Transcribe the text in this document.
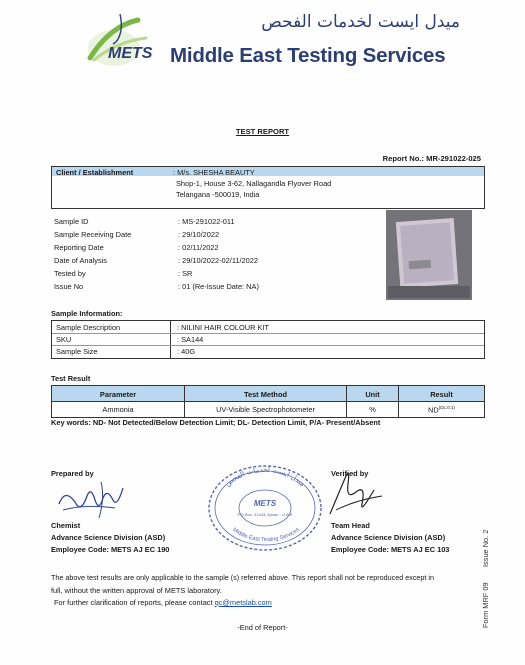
METS
ميدل ايست لخدمات الفحص
Middle East Testing Services
TEST REPORT
Report No.: MR-291022-025
Client / Establishment	: M/s. SHESHA BEAUTY
Shop-1, House 3-62, Nallagandla Flyover Road
Telangana -500019, India
Sample ID	: MS-291022-011
Sample Receiving Date	: 29/10/2022
Reporting Date	: 02/11/2022
Date of Analysis	: 29/10/2022-02/11/2022
Tested by	: SR
Issue No	: 01 (Re-Issue Date: NA)
Sample Information:
Sample Description	: NILINI HAIR COLOUR KIT
SKU	: SA144
Sample Size	: 40G
Test Result
Parameter	Test Method	Unit	Result
Ammonia	UV-Visible Spectrophotometer	%	$ND^{(DL:0.1)}$
Key words: ND- Not Detected/Below Detection Limit; DL- Detection Limit, P/A- Present/Absent
Prepared by	Verified by
ميدل ايست لخدمات الفحص
Middle East Testing Services
METS
P.O.Box: 31443, Ajman - U.A.E
Chemist
Advance Science Division (ASD)
Employee Code: METS AJ EC 190
Team Head
Advance Science Division (ASD)
Employee Code: METS AJ EC 103
The above test results are only applicable to the sample (s) referred above. This report shall not be reproduced except in
full, without the written approval of METS laboratory.
For further clarification of reports, please contact qc@metslab.com
-End of Report-
Issue No. 2
Form MRF 09
